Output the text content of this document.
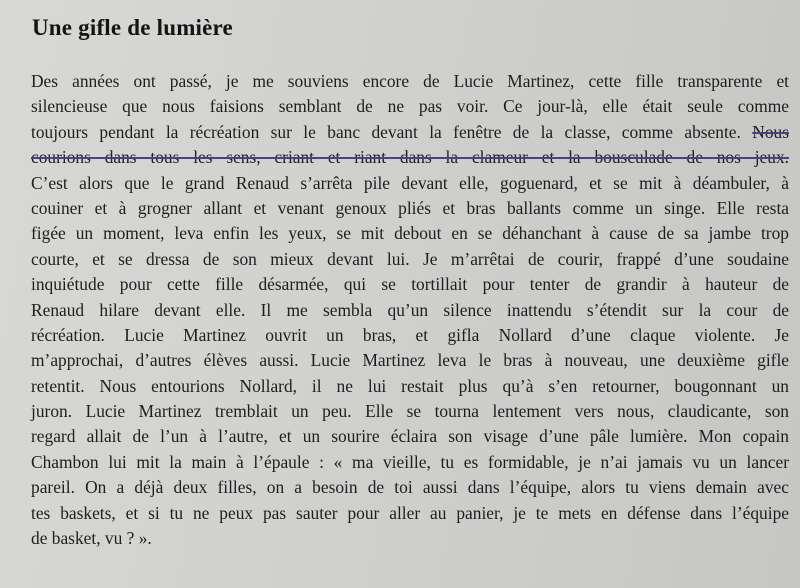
Une gifle de lumière
Des années ont passé, je me souviens encore de Lucie Martinez, cette fille transparente et
silencieuse que nous faisions semblant de ne pas voir. Ce jour-là, elle était seule comme
toujours pendant la récréation sur le banc devant la fenêtre de la classe, comme absente. Nous
courions dans tous les sens, criant et riant dans la clameur et la bousculade de nos jeux.
C’est alors que le grand Renaud s’arrêta pile devant elle, goguenard, et se mit à déambuler, à
couiner et à grogner allant et venant genoux pliés et bras ballants comme un singe. Elle resta
figée un moment, leva enfin les yeux, se mit debout en se déhanchant à cause de sa jambe trop
courte, et se dressa de son mieux devant lui. Je m’arrêtai de courir, frappé d’une soudaine
inquiétude pour cette fille désarmée, qui se tortillait pour tenter de grandir à hauteur de
Renaud hilare devant elle. Il me sembla qu’un silence inattendu s’étendit sur la cour de
récréation. Lucie Martinez ouvrit un bras, et gifla Nollard d’une claque violente. Je
m’approchai, d’autres élèves aussi. Lucie Martinez leva le bras à nouveau, une deuxième gifle
retentit. Nous entourions Nollard, il ne lui restait plus qu’à s’en retourner, bougonnant un
juron. Lucie Martinez tremblait un peu. Elle se tourna lentement vers nous, claudicante, son
regard allait de l’un à l’autre, et un sourire éclaira son visage d’une pâle lumière. Mon copain
Chambon lui mit la main à l’épaule : « ma vieille, tu es formidable, je n’ai jamais vu un lancer
pareil. On a déjà deux filles, on a besoin de toi aussi dans l’équipe, alors tu viens demain avec
tes baskets, et si tu ne peux pas sauter pour aller au panier, je te mets en défense dans l’équipe
de basket, vu ? ».
